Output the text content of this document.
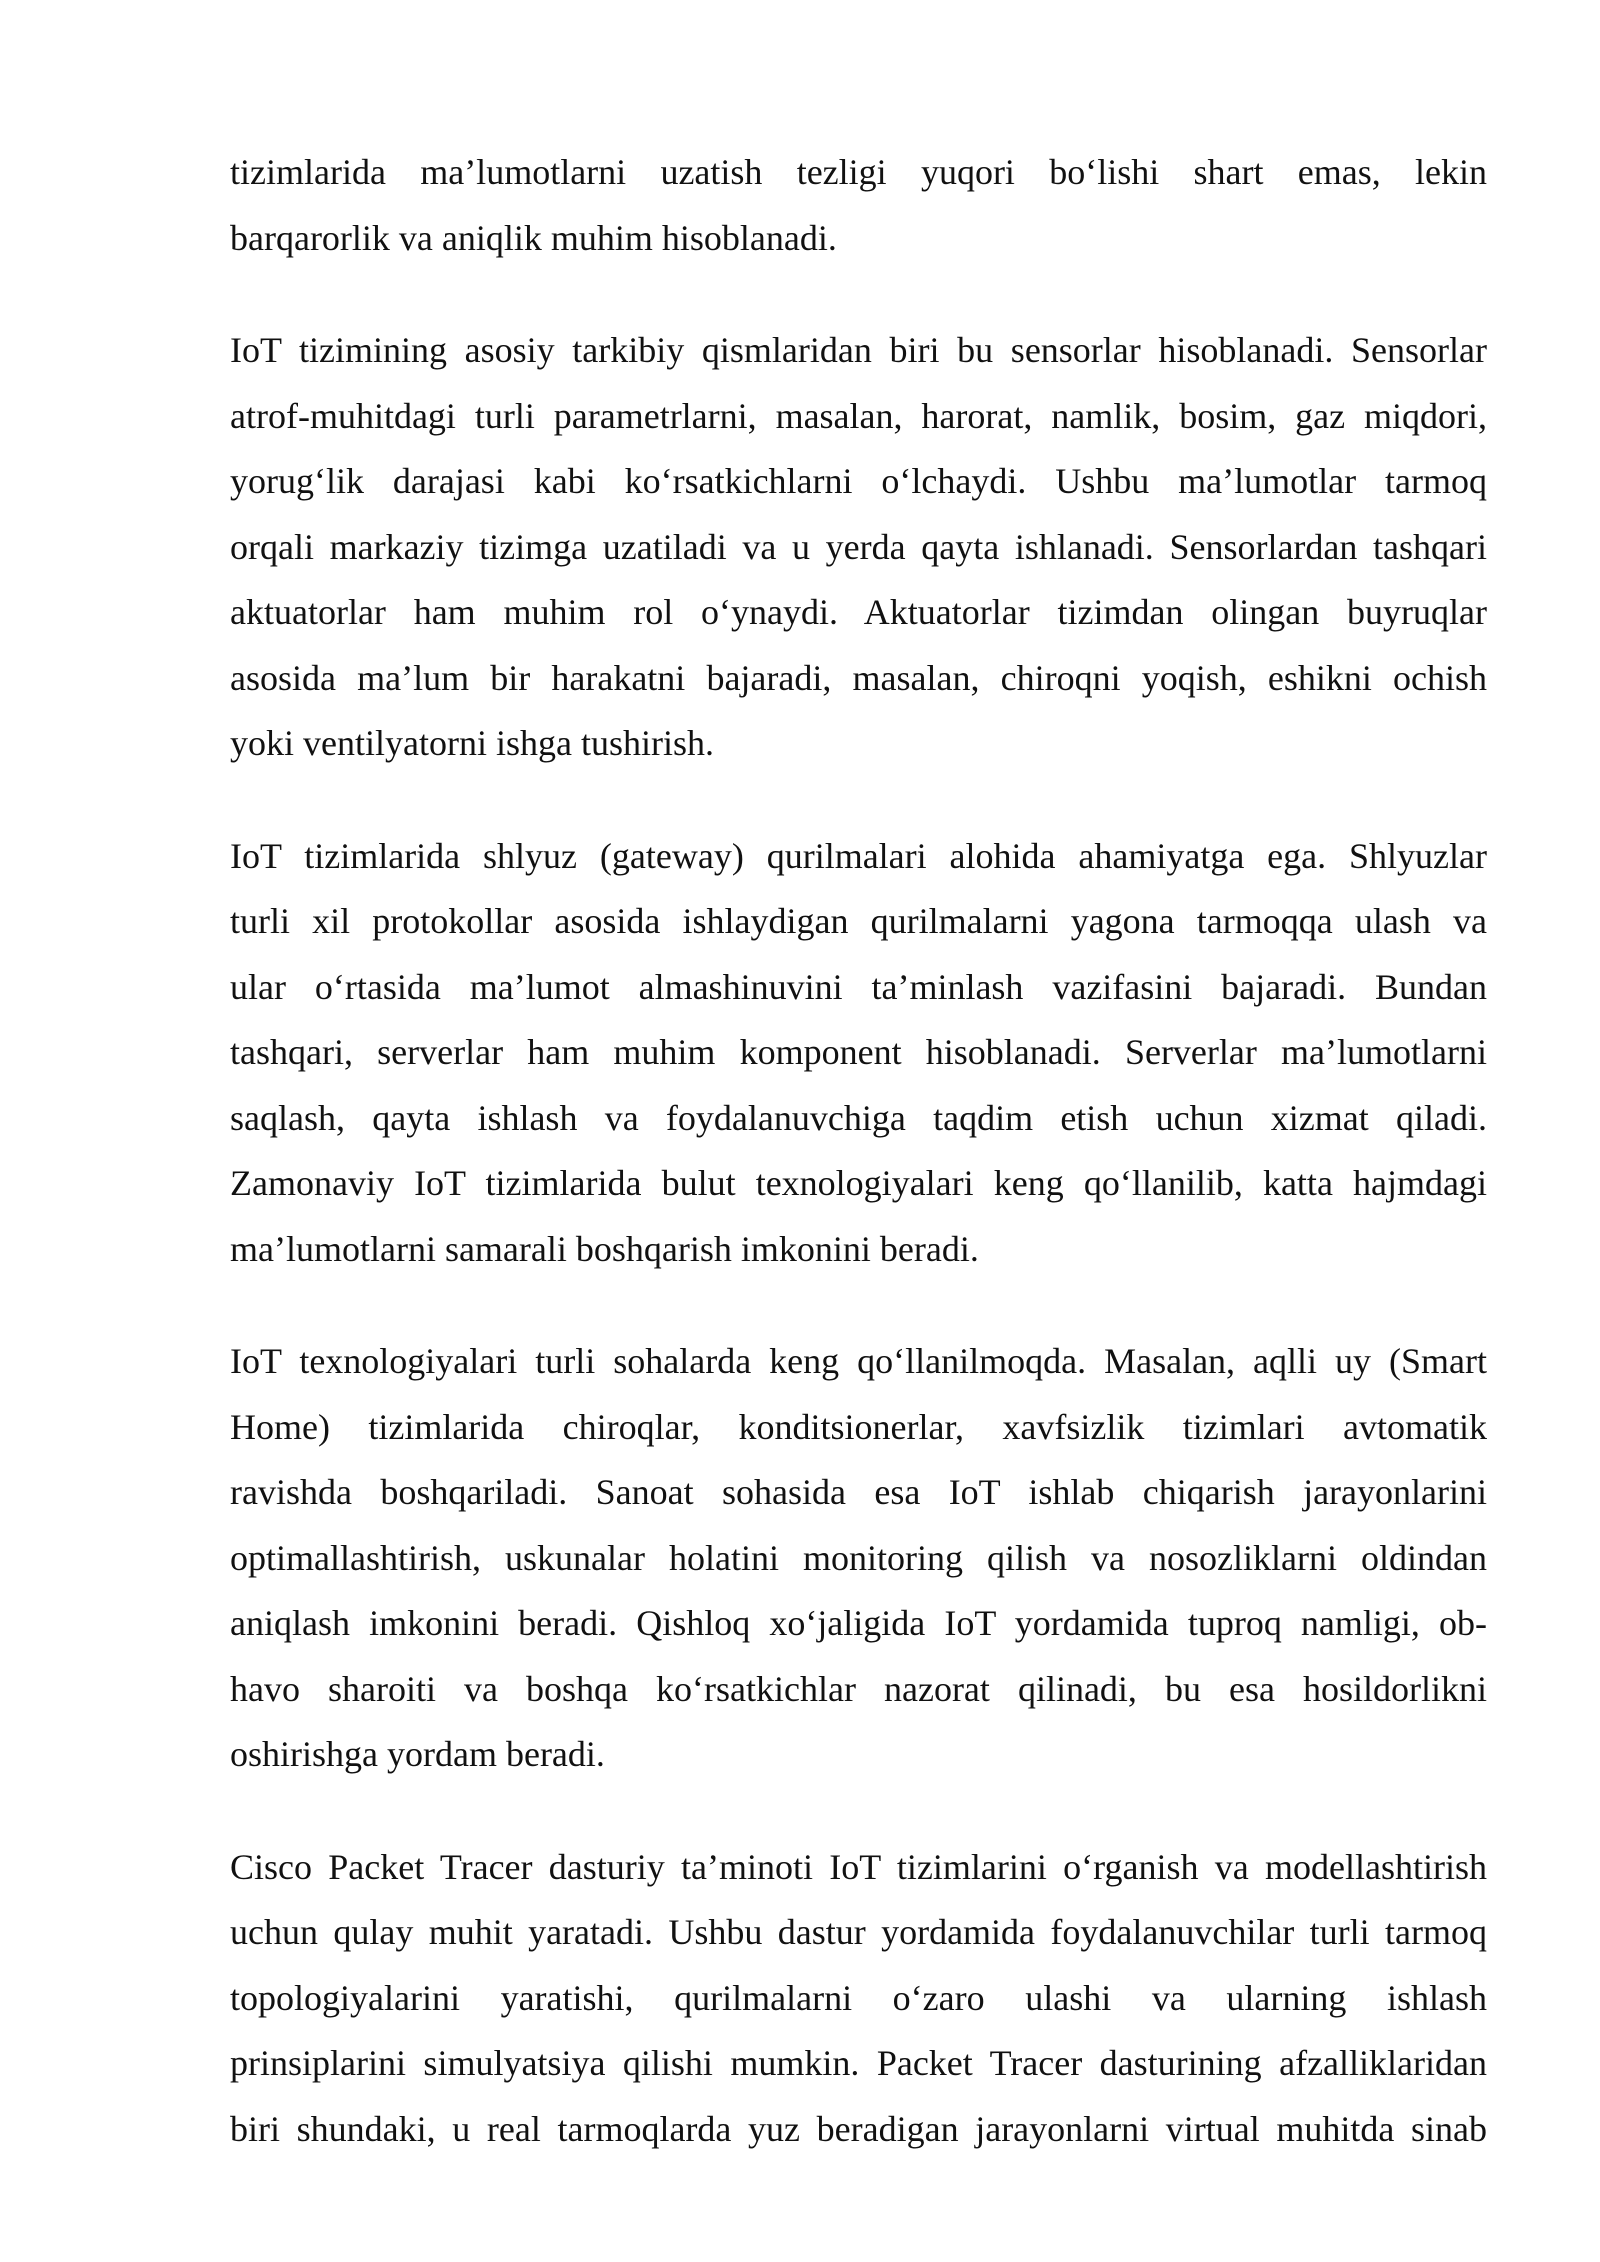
tizimlarida ma’lumotlarni uzatish tezligi yuqori bo‘lishi shart emas, lekin
barqarorlik va aniqlik muhim hisoblanadi.

IoT tizimining asosiy tarkibiy qismlaridan biri bu sensorlar hisoblanadi. Sensorlar
atrof-muhitdagi turli parametrlarni, masalan, harorat, namlik, bosim, gaz miqdori,
yorug‘lik darajasi kabi ko‘rsatkichlarni o‘lchaydi. Ushbu ma’lumotlar tarmoq
orqali markaziy tizimga uzatiladi va u yerda qayta ishlanadi. Sensorlardan tashqari
aktuatorlar ham muhim rol o‘ynaydi. Aktuatorlar tizimdan olingan buyruqlar
asosida ma’lum bir harakatni bajaradi, masalan, chiroqni yoqish, eshikni ochish
yoki ventilyatorni ishga tushirish.

IoT tizimlarida shlyuz (gateway) qurilmalari alohida ahamiyatga ega. Shlyuzlar
turli xil protokollar asosida ishlaydigan qurilmalarni yagona tarmoqqa ulash va
ular o‘rtasida ma’lumot almashinuvini ta’minlash vazifasini bajaradi. Bundan
tashqari, serverlar ham muhim komponent hisoblanadi. Serverlar ma’lumotlarni
saqlash, qayta ishlash va foydalanuvchiga taqdim etish uchun xizmat qiladi.
Zamonaviy IoT tizimlarida bulut texnologiyalari keng qo‘llanilib, katta hajmdagi
ma’lumotlarni samarali boshqarish imkonini beradi.

IoT texnologiyalari turli sohalarda keng qo‘llanilmoqda. Masalan, aqlli uy (Smart
Home) tizimlarida chiroqlar, konditsionerlar, xavfsizlik tizimlari avtomatik
ravishda boshqariladi. Sanoat sohasida esa IoT ishlab chiqarish jarayonlarini
optimallashtirish, uskunalar holatini monitoring qilish va nosozliklarni oldindan
aniqlash imkonini beradi. Qishloq xo‘jaligida IoT yordamida tuproq namligi, ob-
havo sharoiti va boshqa ko‘rsatkichlar nazorat qilinadi, bu esa hosildorlikni
oshirishga yordam beradi.

Cisco Packet Tracer dasturiy ta’minoti IoT tizimlarini o‘rganish va modellashtirish
uchun qulay muhit yaratadi. Ushbu dastur yordamida foydalanuvchilar turli tarmoq
topologiyalarini yaratishi, qurilmalarni o‘zaro ulashi va ularning ishlash
prinsiplarini simulyatsiya qilishi mumkin. Packet Tracer dasturining afzalliklaridan
biri shundaki, u real tarmoqlarda yuz beradigan jarayonlarni virtual muhitda sinab
